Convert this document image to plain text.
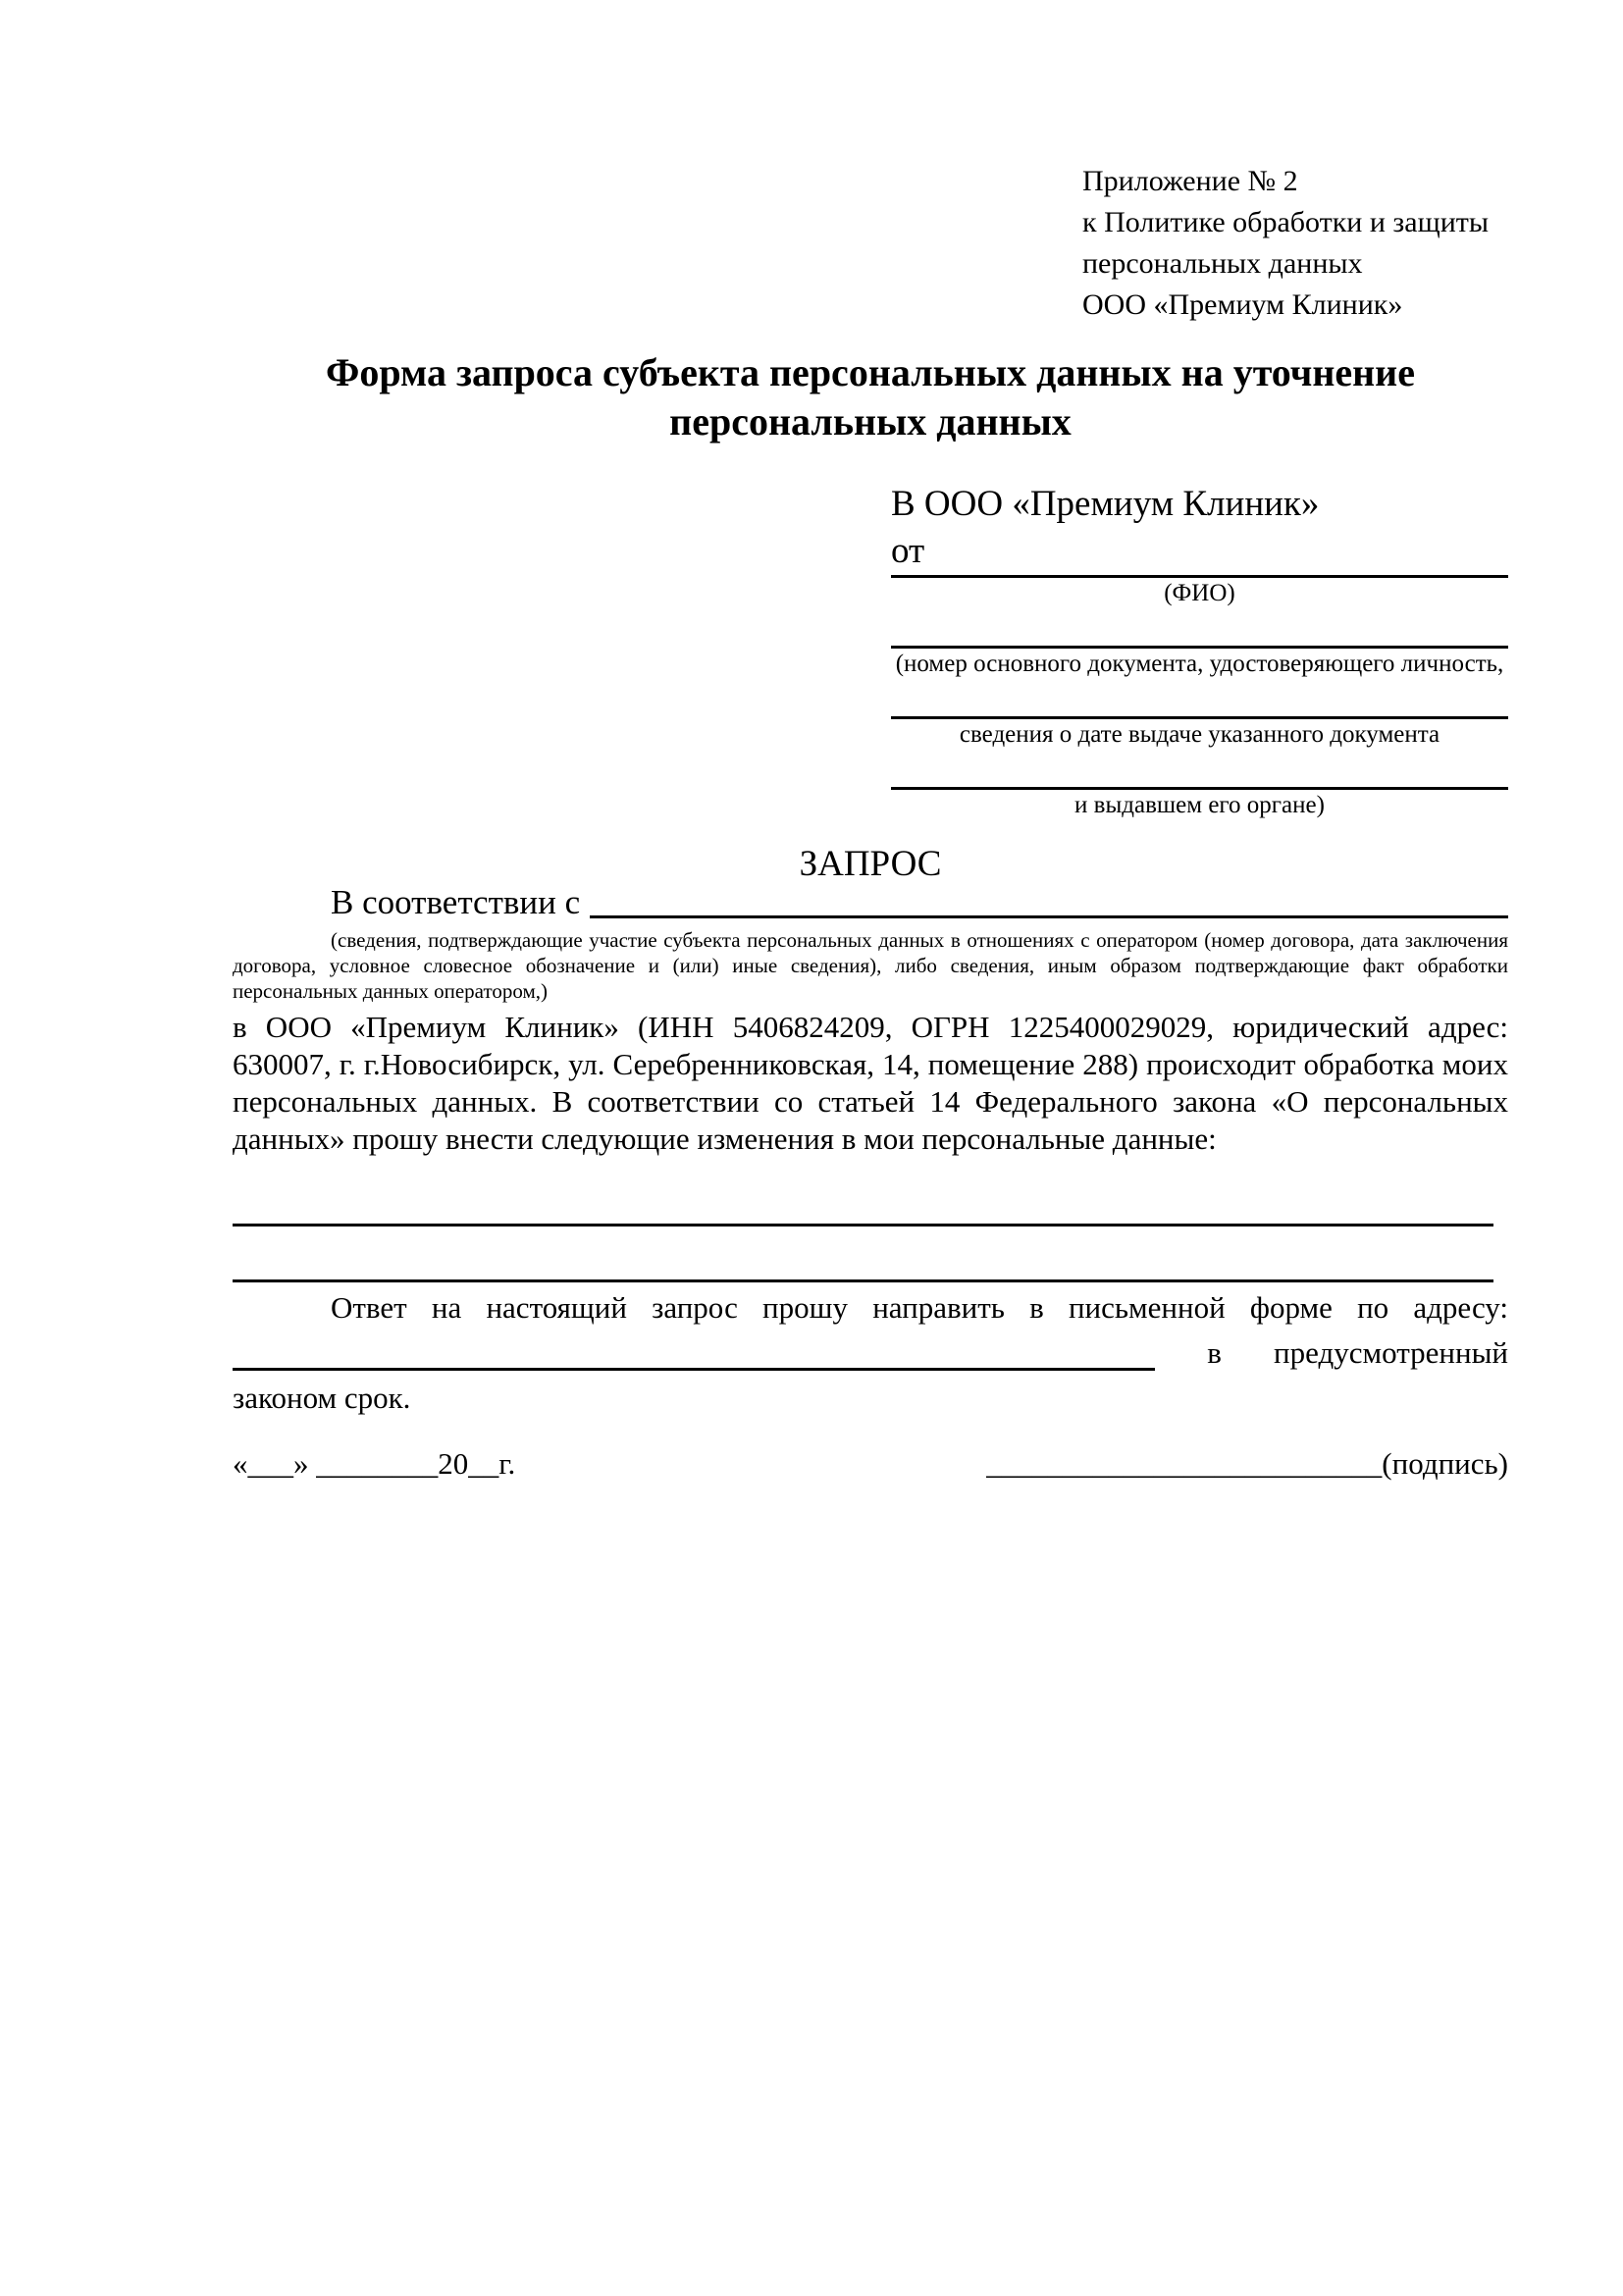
Приложение № 2
к Политике обработки и защиты
персональных данных
ООО «Премиум Клиник»
Форма запроса субъекта персональных данных на уточнение персональных данных
В ООО «Премиум Клиник»
от
(ФИО)
(номер основного документа, удостоверяющего личность,
сведения о дате выдаче указанного документа
и выдавшем его органе)
ЗАПРОС
В соответствии с
(сведения, подтверждающие участие субъекта персональных данных в отношениях с оператором (номер договора, дата заключения договора, условное словесное обозначение и (или) иные сведения), либо сведения, иным образом подтверждающие факт обработки персональных данных оператором,)
в ООО «Премиум Клиник» (ИНН 5406824209, ОГРН 1225400029029, юридический адрес: 630007, г. г.Новосибирск, ул. Серебренниковская, 14, помещение 288) происходит обработка моих персональных данных. В соответствии со статьей 14 Федерального закона «О персональных данных» прошу внести следующие изменения в мои персональные данные:
Ответ на настоящий запрос прошу направить в письменной форме по адресу:  в предусмотренный законом срок.
«___» ________20__г.	__________________________(подпись)
